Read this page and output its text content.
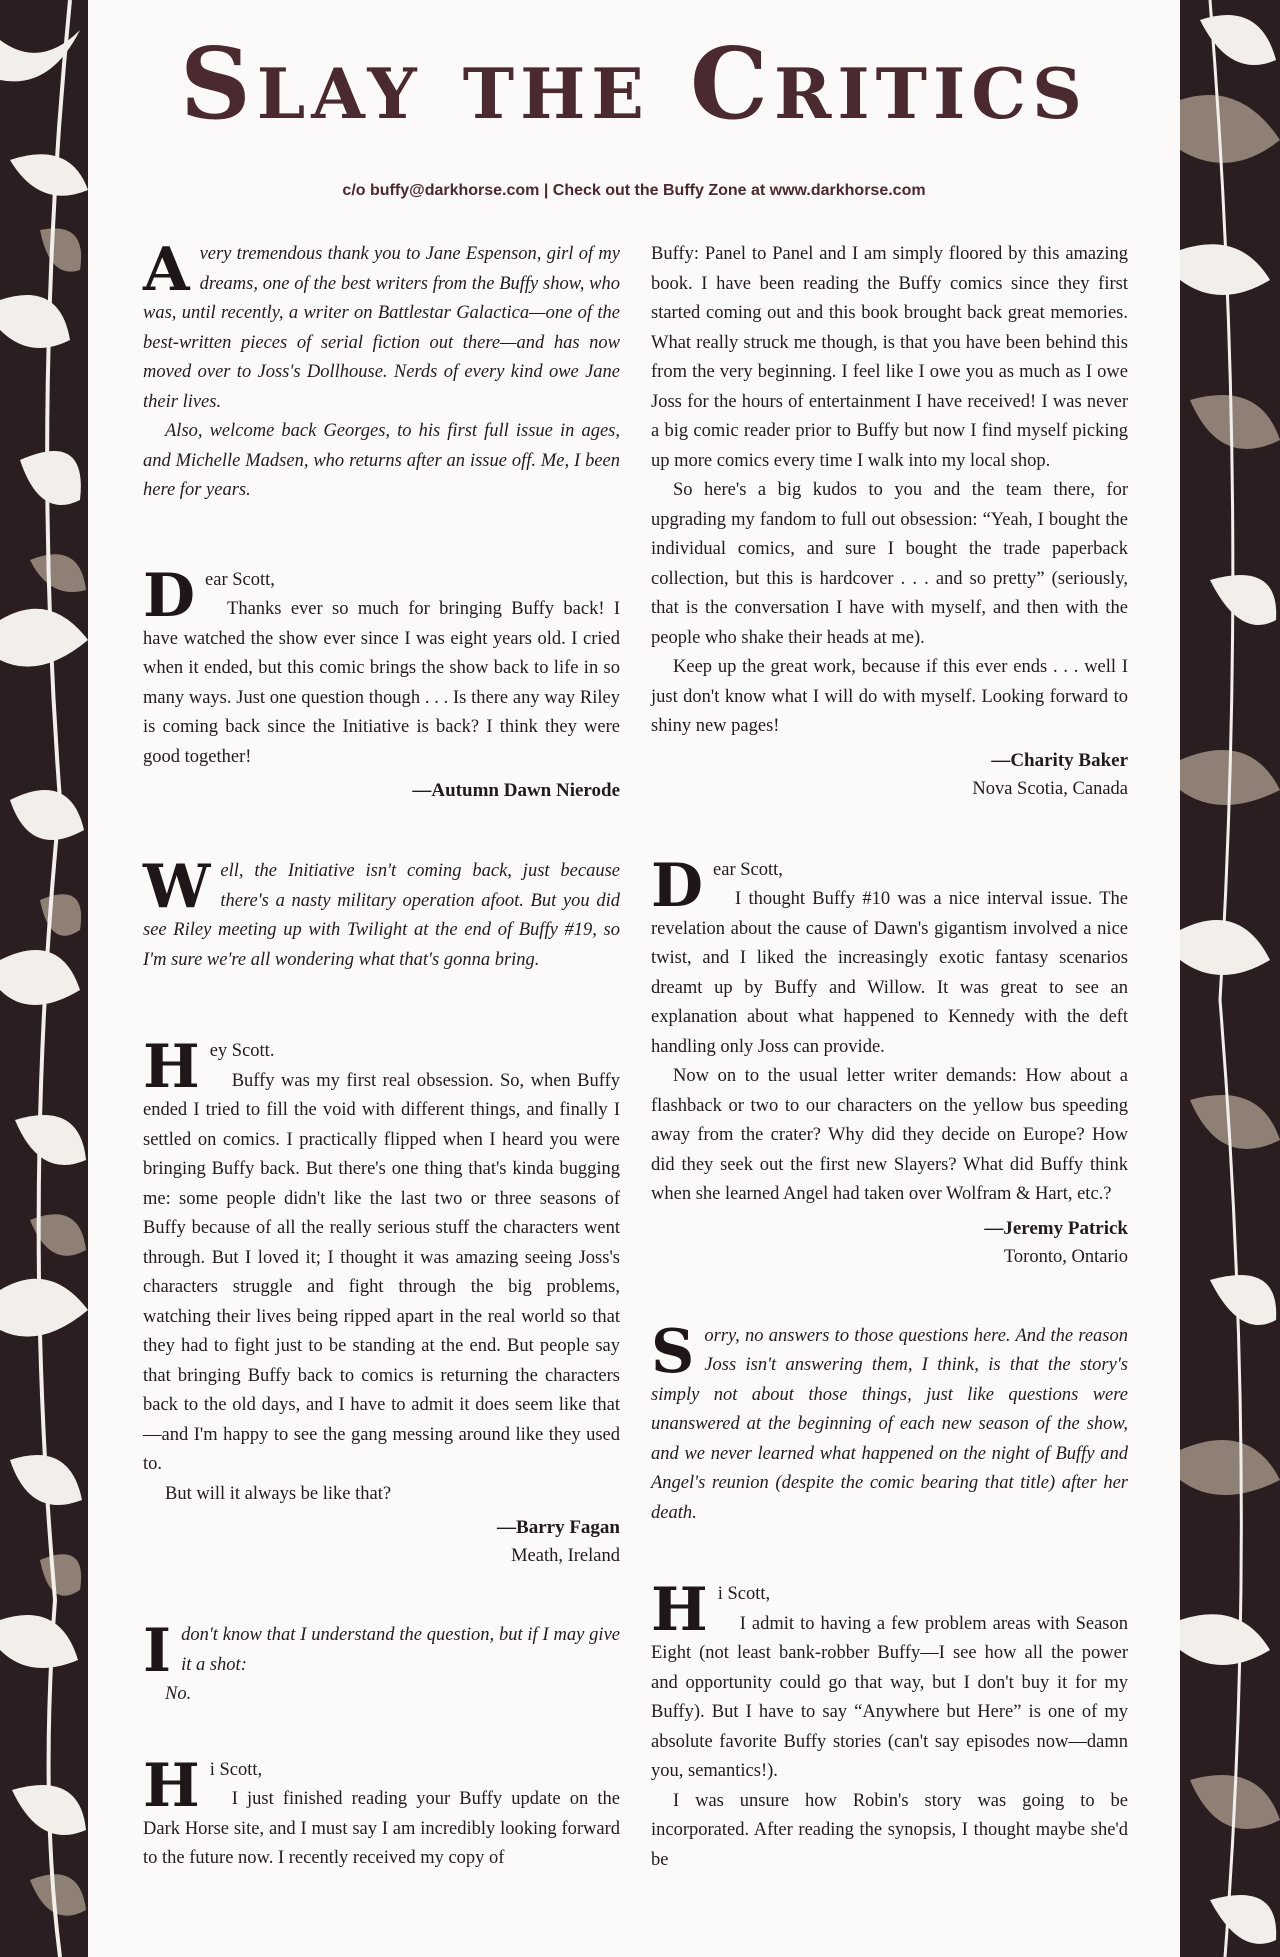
Slay the Critics
c/o buffy@darkhorse.com | Check out the Buffy Zone at www.darkhorse.com
A very tremendous thank you to Jane Espenson, girl of my dreams, one of the best writers from the Buffy show, who was, until recently, a writer on Battlestar Galactica—one of the best-written pieces of serial fiction out there—and has now moved over to Joss's Dollhouse. Nerds of every kind owe Jane their lives.

Also, welcome back Georges, to his first full issue in ages, and Michelle Madsen, who returns after an issue off. Me, I been here for years.

D ear Scott,

Thanks ever so much for bringing Buffy back! I have watched the show ever since I was eight years old. I cried when it ended, but this comic brings the show back to life in so many ways. Just one question though . . . Is there any way Riley is coming back since the Initiative is back? I think they were good together!

—Autumn Dawn Nierode

W ell, the Initiative isn't coming back, just because there's a nasty military operation afoot. But you did see Riley meeting up with Twilight at the end of Buffy #19, so I'm sure we're all wondering what that's gonna bring.

H ey Scott.

Buffy was my first real obsession. So, when Buffy ended I tried to fill the void with different things, and finally I settled on comics. I practically flipped when I heard you were bringing Buffy back. But there's one thing that's kinda bugging me: some people didn't like the last two or three seasons of Buffy because of all the really serious stuff the characters went through. But I loved it; I thought it was amazing seeing Joss's characters struggle and fight through the big problems, watching their lives being ripped apart in the real world so that they had to fight just to be standing at the end. But people say that bringing Buffy back to comics is returning the characters back to the old days, and I have to admit it does seem like that—and I'm happy to see the gang messing around like they used to.

But will it always be like that?

—Barry Fagan

Meath, Ireland

I don't know that I understand the question, but if I may give it a shot:

No.

H i Scott,

I just finished reading your Buffy update on the Dark Horse site, and I must say I am incredibly looking forward to the future now. I recently received my copy of

Buffy: Panel to Panel and I am simply floored by this amazing book. I have been reading the Buffy comics since they first started coming out and this book brought back great memories. What really struck me though, is that you have been behind this from the very beginning. I feel like I owe you as much as I owe Joss for the hours of entertainment I have received! I was never a big comic reader prior to Buffy but now I find myself picking up more comics every time I walk into my local shop.

So here's a big kudos to you and the team there, for upgrading my fandom to full out obsession: “Yeah, I bought the individual comics, and sure I bought the trade paperback collection, but this is hardcover . . . and so pretty” (seriously, that is the conversation I have with myself, and then with the people who shake their heads at me).

Keep up the great work, because if this ever ends . . . well I just don't know what I will do with myself. Looking forward to shiny new pages!

—Charity Baker

Nova Scotia, Canada

D ear Scott,

I thought Buffy #10 was a nice interval issue. The revelation about the cause of Dawn's gigantism involved a nice twist, and I liked the increasingly exotic fantasy scenarios dreamt up by Buffy and Willow. It was great to see an explanation about what happened to Kennedy with the deft handling only Joss can provide.

Now on to the usual letter writer demands: How about a flashback or two to our characters on the yellow bus speeding away from the crater? Why did they decide on Europe? How did they seek out the first new Slayers? What did Buffy think when she learned Angel had taken over Wolfram & Hart, etc.?

—Jeremy Patrick

Toronto, Ontario

S orry, no answers to those questions here. And the reason Joss isn't answering them, I think, is that the story's simply not about those things, just like questions were unanswered at the beginning of each new season of the show, and we never learned what happened on the night of Buffy and Angel's reunion (despite the comic bearing that title) after her death.

H i Scott,

I admit to having a few problem areas with Season Eight (not least bank-robber Buffy—I see how all the power and opportunity could go that way, but I don't buy it for my Buffy). But I have to say “Anywhere but Here” is one of my absolute favorite Buffy stories (can't say episodes now—damn you, semantics!).

I was unsure how Robin's story was going to be incorporated. After reading the synopsis, I thought maybe she'd be
